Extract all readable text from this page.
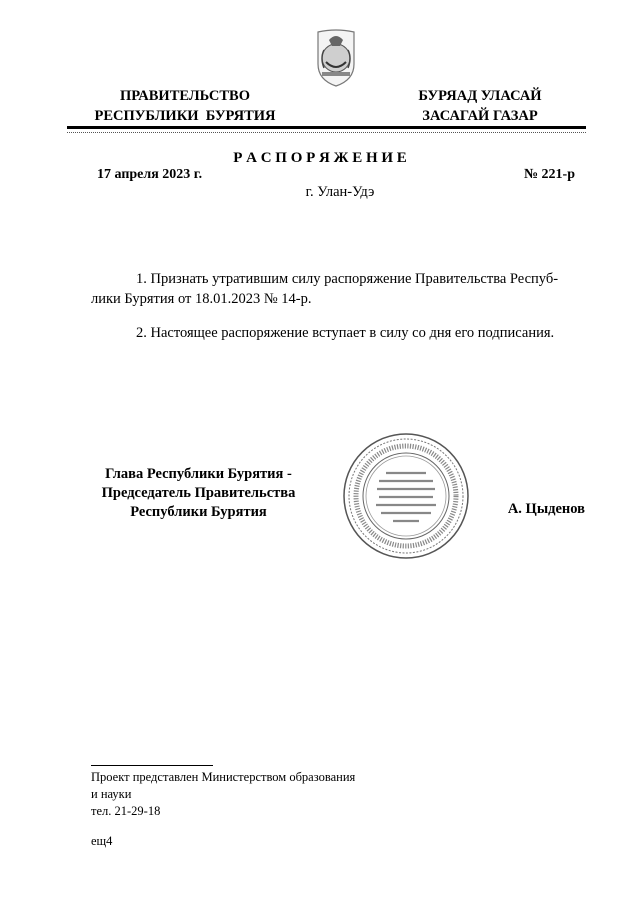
ПРАВИТЕЛЬСТВО
РЕСПУБЛИКИ  БУРЯТИЯ
БУРЯАД УЛАСАЙ
ЗАСАГАЙ ГАЗАР
Р А С П О Р Я Ж Е Н И Е
17 апреля 2023 г.	№ 221-р
г. Улан-Удэ
1. Признать утратившим силу распоряжение Правительства Респуб-
лики Бурятия от 18.01.2023 № 14-р.
2. Настоящее распоряжение вступает в силу со дня его подписания.
Глава Республики Бурятия -
Председатель Правительства
Республики Бурятия	А. Цыденов
Проект представлен Министерством образования
и науки
тел. 21-29-18
ещ4
